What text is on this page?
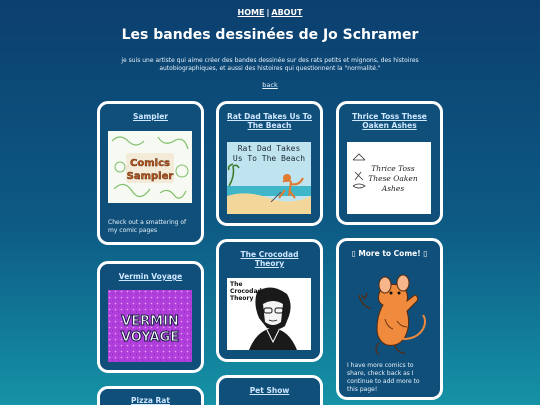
HOME | ABOUT
Les bandes dessinées de Jo Schramer
je suis une artiste qui aime créer des bandes dessinée sur des rats petits et mignons, des histoires autobiographiques, et aussi des histoires qui questionnent la "normalité."
back
Sampler
Comics
Sampler
Check out a smattering of my comic pages
Rat Dad Takes Us To The Beach
Rat Dad Takes Us To The Beach
Thrice Toss These Oaken Ashes
Thrice Toss These Oaken Ashes
Vermin Voyage
VERMIN
VOYAGE
The Crocodad Theory
The Crocodad Theory
▯ More to Come! ▯
I have more comics to share, check back as I continue to add more to this page!
Pizza Rat
Pet Show
